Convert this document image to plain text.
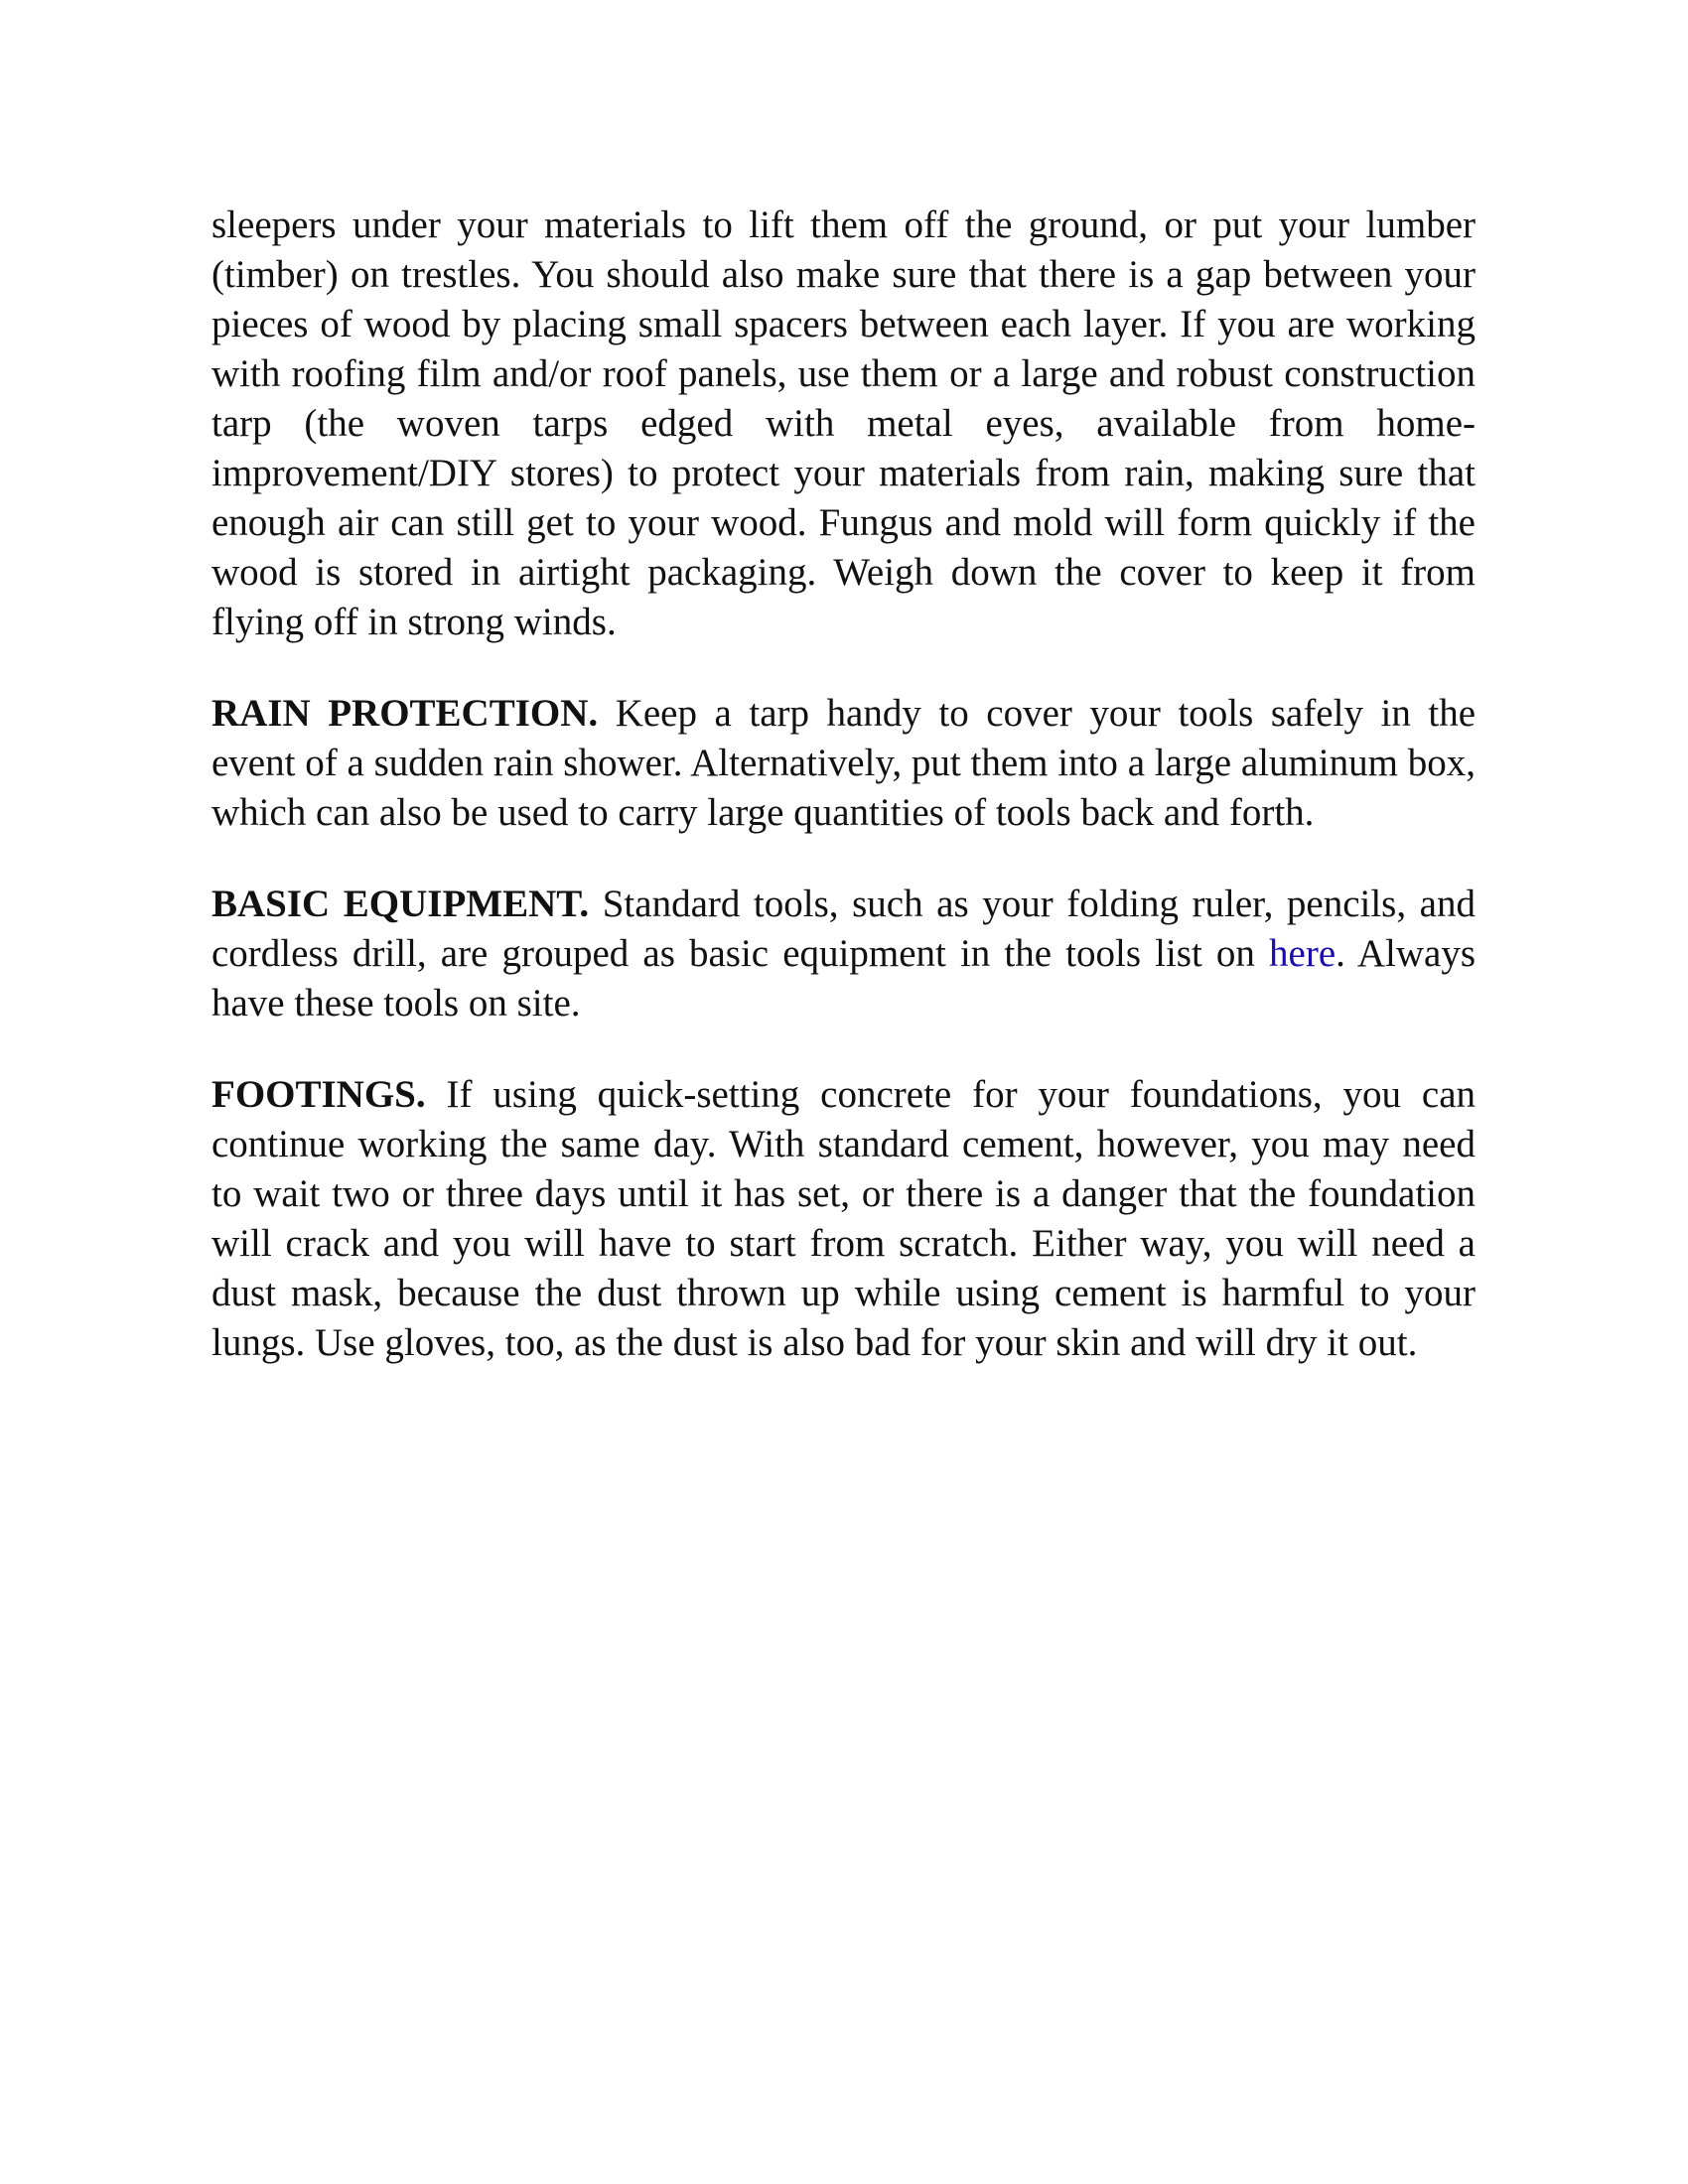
sleepers under your materials to lift them off the ground, or put your lumber (timber) on trestles. You should also make sure that there is a gap between your pieces of wood by placing small spacers between each layer. If you are working with roofing film and/or roof panels, use them or a large and robust construction tarp (the woven tarps edged with metal eyes, available from home-improvement/DIY stores) to protect your materials from rain, making sure that enough air can still get to your wood. Fungus and mold will form quickly if the wood is stored in airtight packaging. Weigh down the cover to keep it from flying off in strong winds.

RAIN PROTECTION. Keep a tarp handy to cover your tools safely in the event of a sudden rain shower. Alternatively, put them into a large aluminum box, which can also be used to carry large quantities of tools back and forth.

BASIC EQUIPMENT. Standard tools, such as your folding ruler, pencils, and cordless drill, are grouped as basic equipment in the tools list on here. Always have these tools on site.

FOOTINGS. If using quick-setting concrete for your foundations, you can continue working the same day. With standard cement, however, you may need to wait two or three days until it has set, or there is a danger that the foundation will crack and you will have to start from scratch. Either way, you will need a dust mask, because the dust thrown up while using cement is harmful to your lungs. Use gloves, too, as the dust is also bad for your skin and will dry it out.
